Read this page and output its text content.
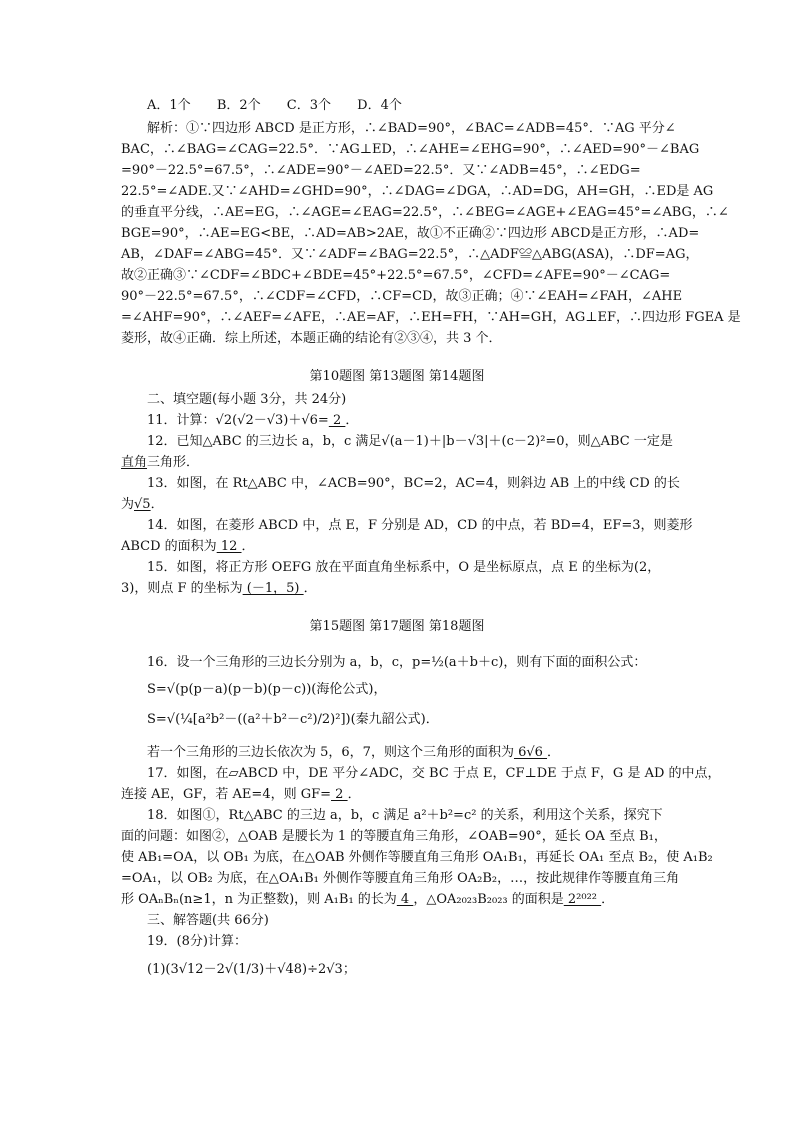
A．1个 B．2个 C．3个 D．4个
解析：①∵四边形 ABCD 是正方形，∴∠BAD=90°，∠BAC=∠ADB=45°．∵AG 平分∠
BAC，∴∠BAG=∠CAG=22.5°．∵AG⊥ED，∴∠AHE=∠EHG=90°，∴∠AED=90°－∠BAG
=90°－22.5°=67.5°，∴∠ADE=90°－∠AED=22.5°．又∵∠ADB=45°，∴∠EDG=
22.5°=∠ADE.又∵∠AHD=∠GHD=90°，∴∠DAG=∠DGA，∴AD=DG，AH=GH，∴ED是 AG
的垂直平分线，∴AE=EG，∴∠AGE=∠EAG=22.5°，∴∠BEG=∠AGE+∠EAG=45°=∠ABG，∴∠
BGE=90°，∴AE=EG<BE，∴AD=AB>2AE，故①不正确②∵四边形 ABCD是正方形，∴AD=
AB，∠DAF=∠ABG=45°．又∵∠ADF=∠BAG=22.5°，∴△ADF≌△ABG(ASA)，∴DF=AG，
故②正确③∵∠CDF=∠BDC+∠BDE=45°+22.5°=67.5°，∠CFD=∠AFE=90°－∠CAG=
90°－22.5°=67.5°，∴∠CDF=∠CFD，∴CF=CD，故③正确；④∵∠EAH=∠FAH，∠AHE
=∠AHF=90°，∴∠AEF=∠AFE，∴AE=AF，∴EH=FH，∵AH=GH，AG⊥EF，∴四边形 FGEA 是
菱形，故④正确．综上所述，本题正确的结论有②③④，共 3 个．
第10题图 第13题图 第14题图
二、填空题(每小题 3分，共 24分)
11．计算：√2(√2－√3)＋√6= 2 ．
12．已知△ABC 的三边长 a，b，c 满足√(a－1)＋|b－√3|＋(c－2)²=0，则△ABC 一定是
直角三角形．
13．如图，在 Rt△ABC 中，∠ACB=90°，BC=2，AC=4，则斜边 AB 上的中线 CD 的长
为√5．
14．如图，在菱形 ABCD 中，点 E，F 分别是 AD，CD 的中点，若 BD=4，EF=3，则菱形
ABCD 的面积为 12 ．
15．如图，将正方形 OEFG 放在平面直角坐标系中，O 是坐标原点，点 E 的坐标为(2，
3)，则点 F 的坐标为 (－1，5) ．
第15题图 第17题图 第18题图
16．设一个三角形的三边长分别为 a，b，c，p=½(a＋b＋c)，则有下面的面积公式：
S=√(p(p－a)(p－b)(p－c))(海伦公式)，
S=√(¼[a²b²－((a²＋b²－c²)/2)²])(秦九韶公式)．
若一个三角形的三边长依次为 5，6，7，则这个三角形的面积为 6√6 ．
17．如图，在▱ABCD 中，DE 平分∠ADC，交 BC 于点 E，CF⊥DE 于点 F，G 是 AD 的中点，
连接 AE，GF，若 AE=4，则 GF= 2 ．
18．如图①，Rt△ABC 的三边 a，b，c 满足 a²＋b²=c² 的关系，利用这个关系，探究下
面的问题：如图②，△OAB 是腰长为 1 的等腰直角三角形，∠OAB=90°，延长 OA 至点 B₁，
使 AB₁=OA，以 OB₁ 为底，在△OAB 外侧作等腰直角三角形 OA₁B₁，再延长 OA₁ 至点 B₂，使 A₁B₂
=OA₁，以 OB₂ 为底，在△OA₁B₁ 外侧作等腰直角三角形 OA₂B₂，…，按此规律作等腰直角三角
形 OAₙBₙ(n≥1，n 为正整数)，则 A₁B₁ 的长为 4 ，△OA₂₀₂₃B₂₀₂₃ 的面积是 2²⁰²² ．
三、解答题(共 66分)
19．(8分)计算：
(1)(3√12－2√(1/3)＋√48)÷2√3；
